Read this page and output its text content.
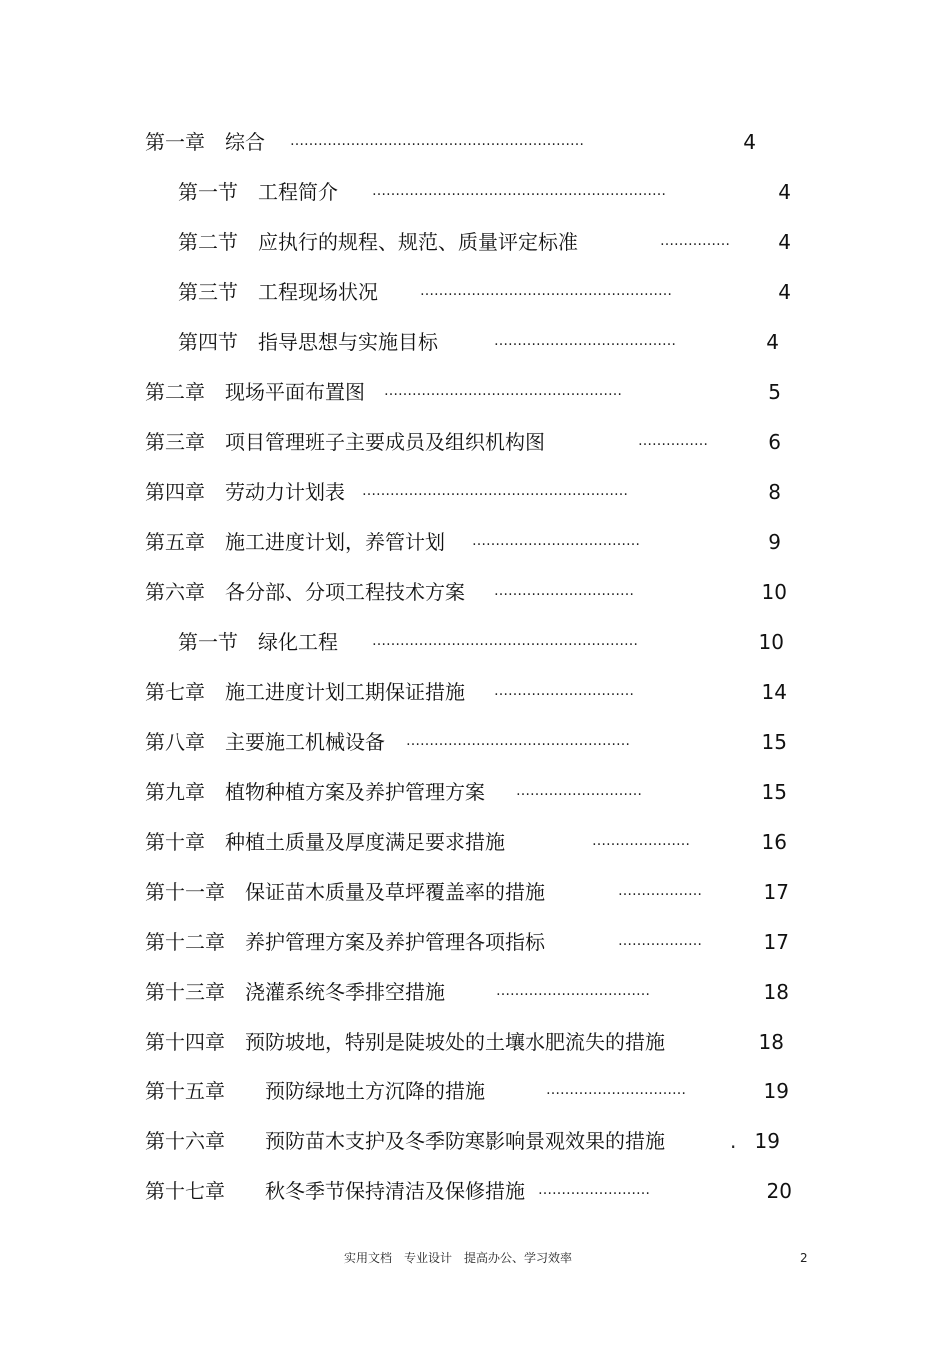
第一章　综合 ………………………………………………………	4
第一节　工程简介 ………………………………………………………	4
第二节　应执行的规程、规范、质量评定标准	……………	4
第三节　工程现场状况	………………………………………………	4
第四节　指导思想与实施目标	…………………………………	4
第二章　现场平面布置图 ……………………………………………	5
第三章　项目管理班子主要成员及组织机构图	……………	6
第四章　劳动力计划表 …………………………………………………	8
第五章　施工进度计划，养管计划 ………………………………	9
第六章　各分部、分项工程技术方案 …………………………	10
第一节　绿化工程 …………………………………………………	10
第七章　施工进度计划工期保证措施 …………………………	14
第八章　主要施工机械设备 …………………………………………	15
第九章　植物种植方案及养护管理方案 ………………………	15
第十章　种植土质量及厚度满足要求措施	…………………	16
第十一章　保证苗木质量及草坪覆盖率的措施	………………	17
第十二章　养护管理方案及养护管理各项指标	………………	17
第十三章　浇灌系统冬季排空措施	……………………………	18
第十四章　预防坡地，特别是陡坡处的土壤水肥流失的措施	18
第十五章　　预防绿地土方沉降的措施	…………………………	19
第十六章　　预防苗木支护及冬季防寒影响景观效果的措施	. 19
第十七章　　秋冬季节保持清洁及保修措施 ……………………	20
实用文档　专业设计　提高办公、学习效率	2
